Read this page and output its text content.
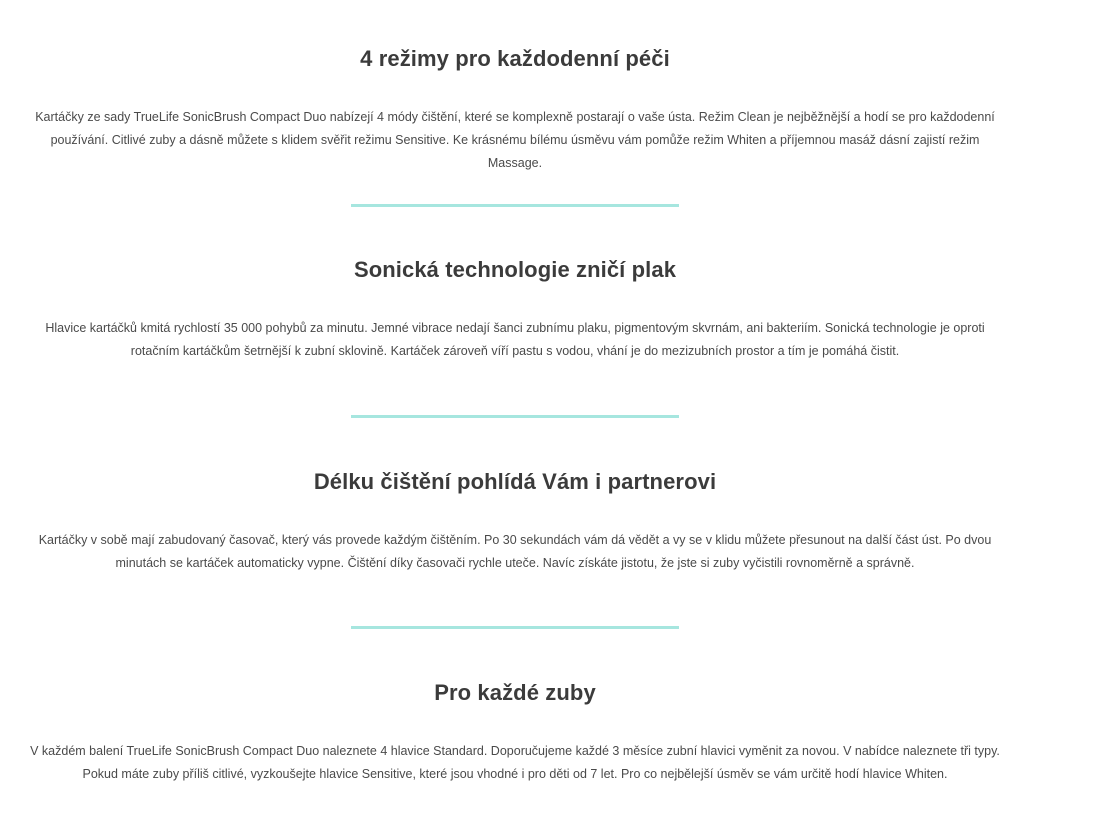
4 režimy pro každodenní péči

Kartáčky ze sady TrueLife SonicBrush Compact Duo nabízejí 4 módy čištění, které se komplexně postarají o vaše ústa. Režim Clean je nejběžnější a hodí se pro každodenní
používání. Citlivé zuby a dásně můžete s klidem svěřit režimu Sensitive. Ke krásnému bílému úsměvu vám pomůže režim Whiten a příjemnou masáž dásní zajistí režim Massage.

Sonická technologie zničí plak

Hlavice kartáčků kmitá rychlostí 35 000 pohybů za minutu. Jemné vibrace nedají šanci zubnímu plaku, pigmentovým skvrnám, ani bakteriím. Sonická technologie je oproti
rotačním kartáčkům šetrnější k zubní sklovině. Kartáček zároveň víří pastu s vodou, vhání je do mezizubních prostor a tím je pomáhá čistit.

Délku čištění pohlídá Vám i partnerovi

Kartáčky v sobě mají zabudovaný časovač, který vás provede každým čištěním. Po 30 sekundách vám dá vědět a vy se v klidu můžete přesunout na další část úst. Po dvou
minutách se kartáček automaticky vypne. Čištění díky časovači rychle uteče. Navíc získáte jistotu, že jste si zuby vyčistili rovnoměrně a správně.

Pro každé zuby

V každém balení TrueLife SonicBrush Compact Duo naleznete 4 hlavice Standard. Doporučujeme každé 3 měsíce zubní hlavici vyměnit za novou. V nabídce naleznete tři typy.
Pokud máte zuby příliš citlivé, vyzkoušejte hlavice Sensitive, které jsou vhodné i pro děti od 7 let. Pro co nejbělejší úsměv se vám určitě hodí hlavice Whiten.
